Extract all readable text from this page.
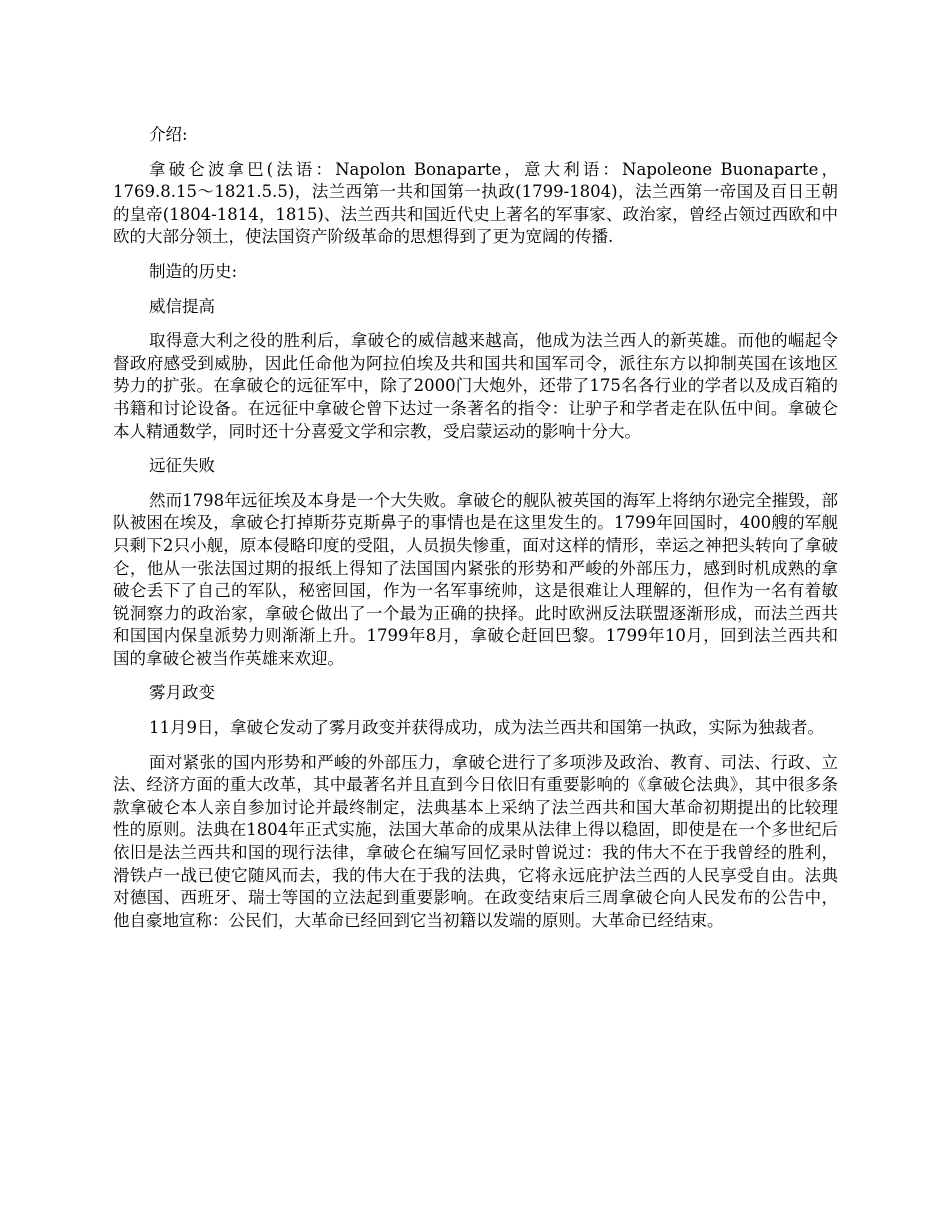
介绍:

拿破仑波拿巴(法语：Napolon Bonaparte，意大利语：Napoleone Buonaparte，1769.8.15～1821.5.5)，法兰西第一共和国第一执政(1799-1804)，法兰西第一帝国及百日王朝的皇帝(1804-1814，1815)、法兰西共和国近代史上著名的军事家、政治家，曾经占领过西欧和中欧的大部分领土，使法国资产阶级革命的思想得到了更为宽阔的传播.

制造的历史:

威信提高

取得意大利之役的胜利后，拿破仑的威信越来越高，他成为法兰西人的新英雄。而他的崛起令督政府感受到威胁，因此任命他为阿拉伯埃及共和国共和国军司令，派往东方以抑制英国在该地区势力的扩张。在拿破仑的远征军中，除了2000门大炮外，还带了175名各行业的学者以及成百箱的书籍和讨论设备。在远征中拿破仑曾下达过一条著名的指令：让驴子和学者走在队伍中间。拿破仑本人精通数学，同时还十分喜爱文学和宗教，受启蒙运动的影响十分大。

远征失败

然而1798年远征埃及本身是一个大失败。拿破仑的舰队被英国的海军上将纳尔逊完全摧毁，部队被困在埃及，拿破仑打掉斯芬克斯鼻子的事情也是在这里发生的。1799年回国时，400艘的军舰只剩下2只小舰，原本侵略印度的受阻，人员损失惨重，面对这样的情形，幸运之神把头转向了拿破仑，他从一张法国过期的报纸上得知了法国国内紧张的形势和严峻的外部压力，感到时机成熟的拿破仑丢下了自己的军队，秘密回国，作为一名军事统帅，这是很难让人理解的，但作为一名有着敏锐洞察力的政治家，拿破仑做出了一个最为正确的抉择。此时欧洲反法联盟逐渐形成，而法兰西共和国国内保皇派势力则渐渐上升。1799年8月，拿破仑赶回巴黎。1799年10月，回到法兰西共和国的拿破仑被当作英雄来欢迎。

雾月政变

11月9日，拿破仑发动了雾月政变并获得成功，成为法兰西共和国第一执政，实际为独裁者。

面对紧张的国内形势和严峻的外部压力，拿破仑进行了多项涉及政治、教育、司法、行政、立法、经济方面的重大改革，其中最著名并且直到今日依旧有重要影响的《拿破仑法典》，其中很多条款拿破仑本人亲自参加讨论并最终制定，法典基本上采纳了法兰西共和国大革命初期提出的比较理性的原则。法典在1804年正式实施，法国大革命的成果从法律上得以稳固，即使是在一个多世纪后依旧是法兰西共和国的现行法律，拿破仑在编写回忆录时曾说过：我的伟大不在于我曾经的胜利，滑铁卢一战已使它随风而去，我的伟大在于我的法典，它将永远庇护法兰西的人民享受自由。法典对德国、西班牙、瑞士等国的立法起到重要影响。在政变结束后三周拿破仑向人民发布的公告中，他自豪地宣称：公民们，大革命已经回到它当初籍以发端的原则。大革命已经结束。
